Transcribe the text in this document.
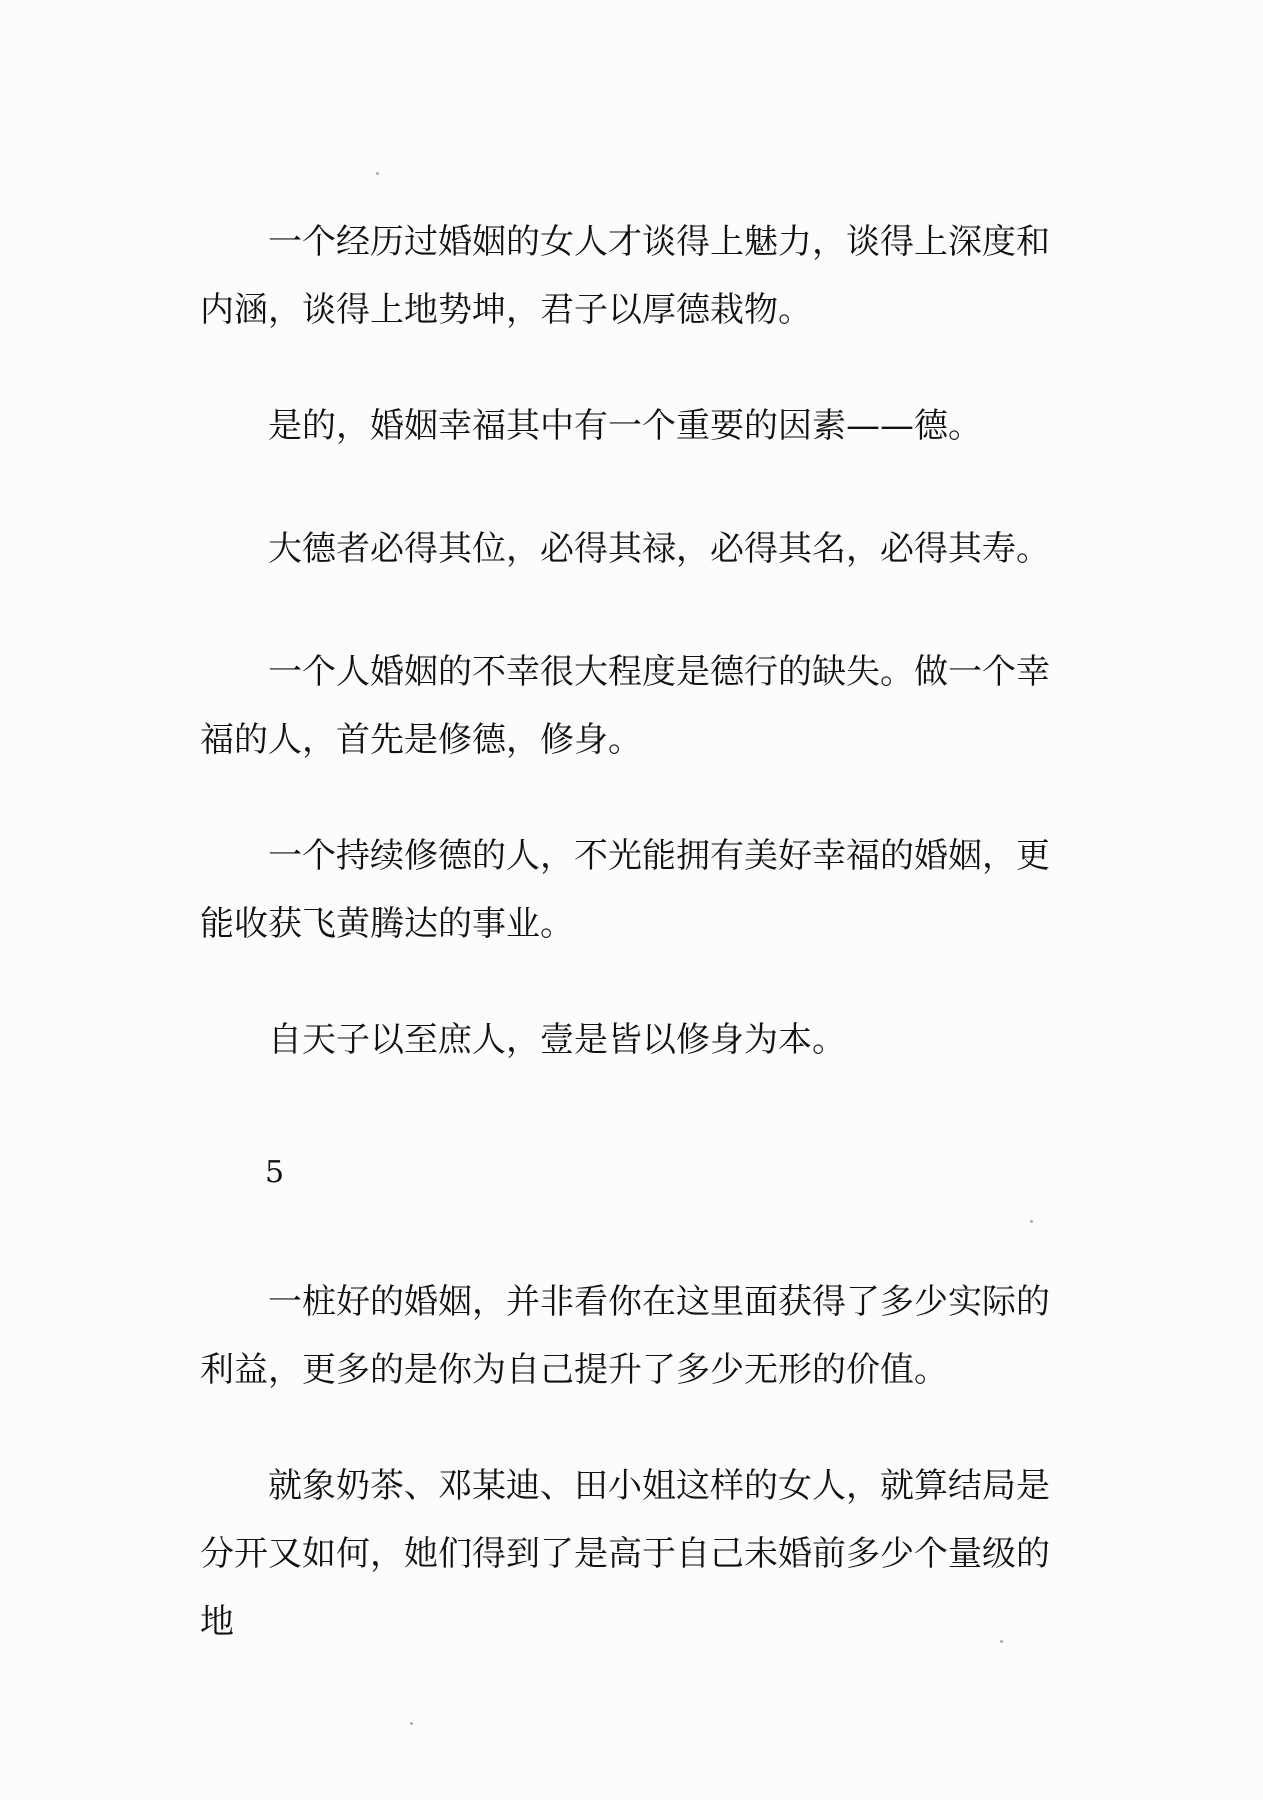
一个经历过婚姻的女人才谈得上魅力，谈得上深度和内涵，谈得上地势坤，君子以厚德栽物。

是的，婚姻幸福其中有一个重要的因素——德。

大德者必得其位，必得其禄，必得其名，必得其寿。

一个人婚姻的不幸很大程度是德行的缺失。做一个幸福的人，首先是修德，修身。

一个持续修德的人，不光能拥有美好幸福的婚姻，更能收获飞黄腾达的事业。

自天子以至庶人，壹是皆以修身为本。

一桩好的婚姻，并非看你在这里面获得了多少实际的利益，更多的是你为自己提升了多少无形的价值。

就象奶茶、邓某迪、田小姐这样的女人，就算结局是分开又如何，她们得到了是高于自己未婚前多少个量级的地

5
